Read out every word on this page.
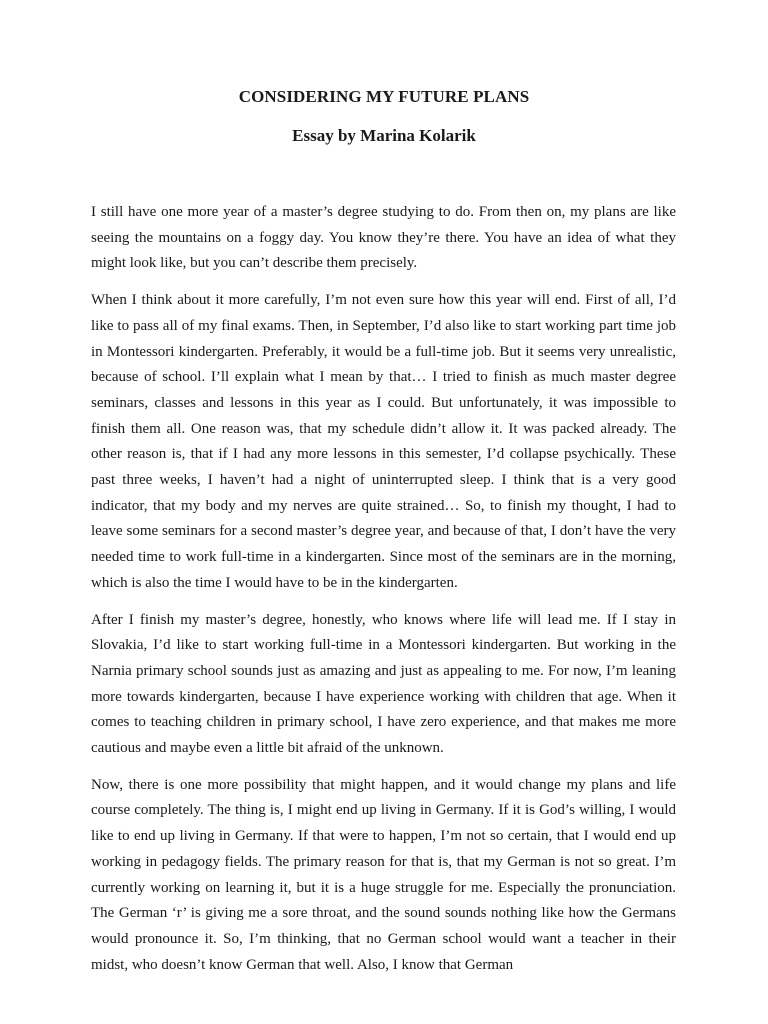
CONSIDERING MY FUTURE PLANS
Essay by Marina Kolarik

I still have one more year of a master’s degree studying to do. From then on, my plans are like seeing the mountains on a foggy day. You know they’re there. You have an idea of what they might look like, but you can’t describe them precisely.

When I think about it more carefully, I’m not even sure how this year will end. First of all, I’d like to pass all of my final exams. Then, in September, I’d also like to start working part time job in Montessori kindergarten. Preferably, it would be a full-time job. But it seems very unrealistic, because of school. I’ll explain what I mean by that… I tried to finish as much master degree seminars, classes and lessons in this year as I could. But unfortunately, it was impossible to finish them all. One reason was, that my schedule didn’t allow it. It was packed already. The other reason is, that if I had any more lessons in this semester, I’d collapse psychically. These past three weeks, I haven’t had a night of uninterrupted sleep. I think that is a very good indicator, that my body and my nerves are quite strained… So, to finish my thought, I had to leave some seminars for a second master’s degree year, and because of that, I don’t have the very needed time to work full-time in a kindergarten. Since most of the seminars are in the morning, which is also the time I would have to be in the kindergarten.

After I finish my master’s degree, honestly, who knows where life will lead me. If I stay in Slovakia, I’d like to start working full-time in a Montessori kindergarten. But working in the Narnia primary school sounds just as amazing and just as appealing to me. For now, I’m leaning more towards kindergarten, because I have experience working with children that age. When it comes to teaching children in primary school, I have zero experience, and that makes me more cautious and maybe even a little bit afraid of the unknown.

Now, there is one more possibility that might happen, and it would change my plans and life course completely. The thing is, I might end up living in Germany. If it is God’s willing, I would like to end up living in Germany. If that were to happen, I’m not so certain, that I would end up working in pedagogy fields. The primary reason for that is, that my German is not so great. I’m currently working on learning it, but it is a huge struggle for me. Especially the pronunciation. The German ‘r’ is giving me a sore throat, and the sound sounds nothing like how the Germans would pronounce it. So, I’m thinking, that no German school would want a teacher in their midst, who doesn’t know German that well. Also, I know that German
